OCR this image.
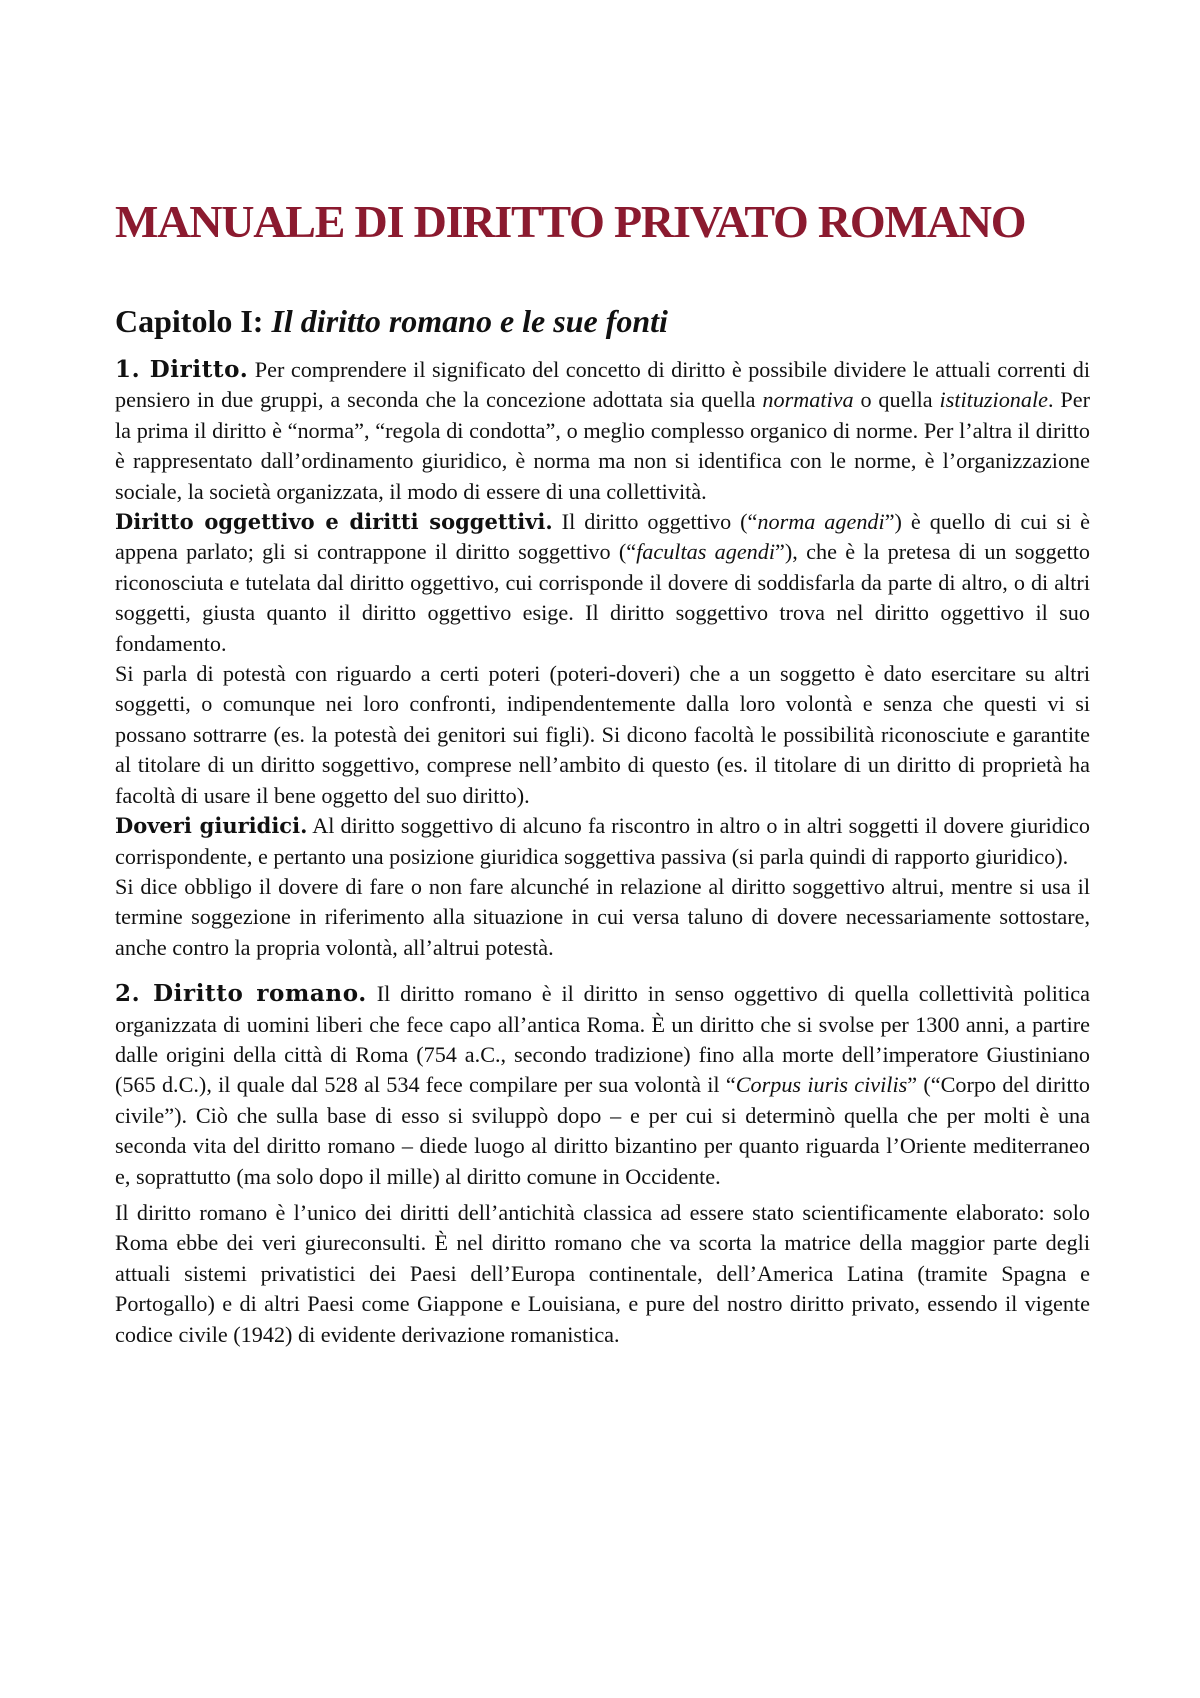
MANUALE DI DIRITTO PRIVATO ROMANO
Capitolo I: Il diritto romano e le sue fonti

1. Diritto. Per comprendere il significato del concetto di diritto è possibile dividere le attuali correnti di pensiero in due gruppi, a seconda che la concezione adottata sia quella normativa o quella istituzionale. Per la prima il diritto è “norma”, “regola di condotta”, o meglio complesso organico di norme. Per l’altra il diritto è rappresentato dall’ordinamento giuridico, è norma ma non si identifica con le norme, è l’organizzazione sociale, la società organizzata, il modo di essere di una collettività.

Diritto oggettivo e diritti soggettivi. Il diritto oggettivo (“norma agendi”) è quello di cui si è appena parlato; gli si contrappone il diritto soggettivo (“facultas agendi”), che è la pretesa di un soggetto riconosciuta e tutelata dal diritto oggettivo, cui corrisponde il dovere di soddisfarla da parte di altro, o di altri soggetti, giusta quanto il diritto oggettivo esige. Il diritto soggettivo trova nel diritto oggettivo il suo fondamento.

Si parla di potestà con riguardo a certi poteri (poteri-doveri) che a un soggetto è dato esercitare su altri soggetti, o comunque nei loro confronti, indipendentemente dalla loro volontà e senza che questi vi si possano sottrarre (es. la potestà dei genitori sui figli). Si dicono facoltà le possibilità riconosciute e garantite al titolare di un diritto soggettivo, comprese nell’ambito di questo (es. il titolare di un diritto di proprietà ha facoltà di usare il bene oggetto del suo diritto).

Doveri giuridici. Al diritto soggettivo di alcuno fa riscontro in altro o in altri soggetti il dovere giuridico corrispondente, e pertanto una posizione giuridica soggettiva passiva (si parla quindi di rapporto giuridico).

Si dice obbligo il dovere di fare o non fare alcunché in relazione al diritto soggettivo altrui, mentre si usa il termine soggezione in riferimento alla situazione in cui versa taluno di dovere necessariamente sottostare, anche contro la propria volontà, all’altrui potestà.

2. Diritto romano. Il diritto romano è il diritto in senso oggettivo di quella collettività politica organizzata di uomini liberi che fece capo all’antica Roma. È un diritto che si svolse per 1300 anni, a partire dalle origini della città di Roma (754 a.C., secondo tradizione) fino alla morte dell’imperatore Giustiniano (565 d.C.), il quale dal 528 al 534 fece compilare per sua volontà il “Corpus iuris civilis” (“Corpo del diritto civile”). Ciò che sulla base di esso si sviluppò dopo – e per cui si determinò quella che per molti è una seconda vita del diritto romano – diede luogo al diritto bizantino per quanto riguarda l’Oriente mediterraneo e, soprattutto (ma solo dopo il mille) al diritto comune in Occidente.

Il diritto romano è l’unico dei diritti dell’antichità classica ad essere stato scientificamente elaborato: solo Roma ebbe dei veri giureconsulti. È nel diritto romano che va scorta la matrice della maggior parte degli attuali sistemi privatistici dei Paesi dell’Europa continentale, dell’America Latina (tramite Spagna e Portogallo) e di altri Paesi come Giappone e Louisiana, e pure del nostro diritto privato, essendo il vigente codice civile (1942) di evidente derivazione romanistica.
